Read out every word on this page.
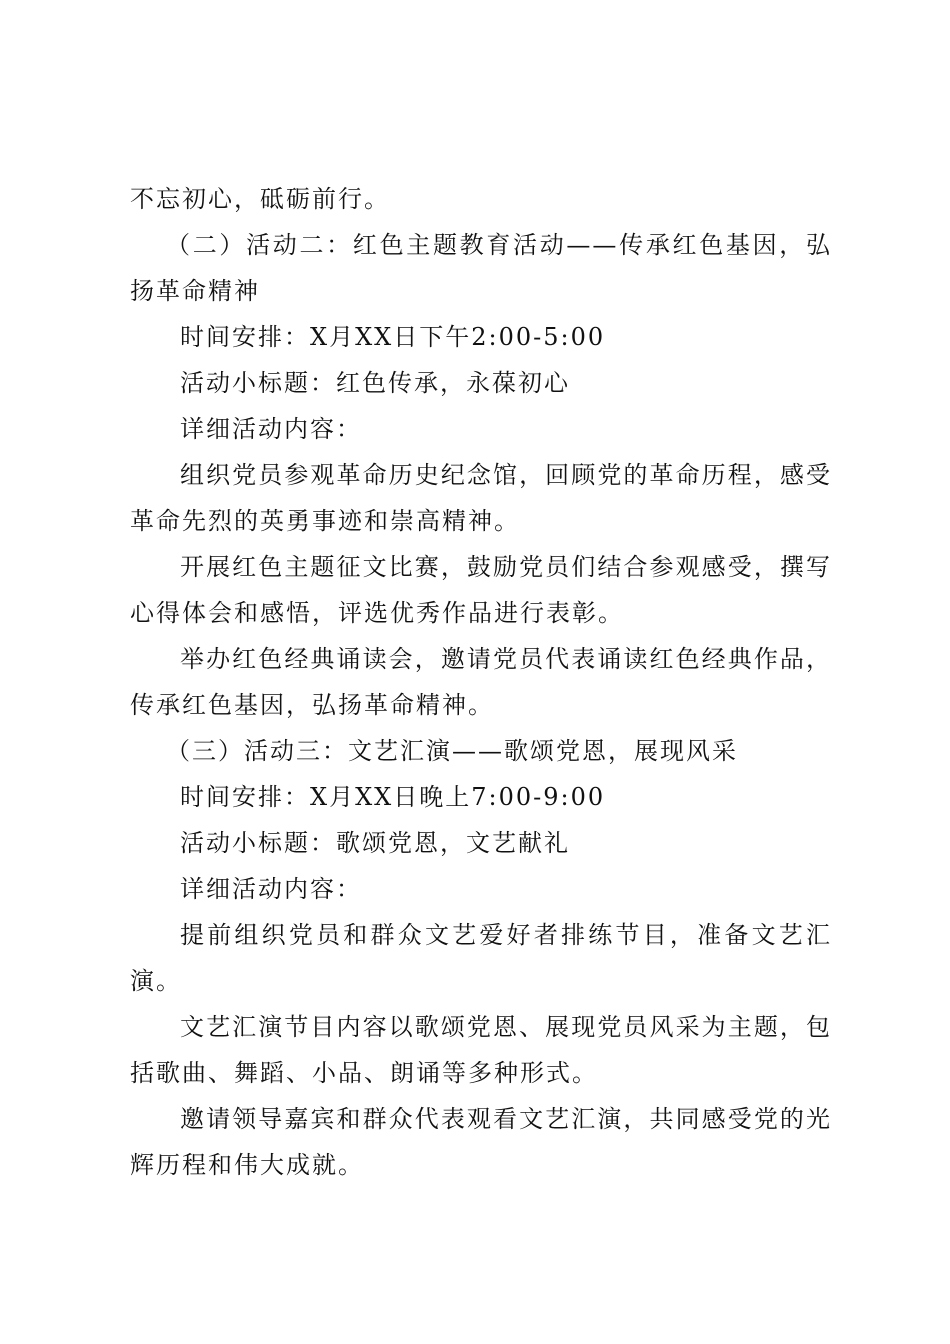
不忘初心，砥砺前行。

（二）活动二：红色主题教育活动——传承红色基因，弘扬革命精神

时间安排：X月XX日下午2:00-5:00

活动小标题：红色传承，永葆初心

详细活动内容：

组织党员参观革命历史纪念馆，回顾党的革命历程，感受革命先烈的英勇事迹和崇高精神。

开展红色主题征文比赛，鼓励党员们结合参观感受，撰写心得体会和感悟，评选优秀作品进行表彰。

举办红色经典诵读会，邀请党员代表诵读红色经典作品，传承红色基因，弘扬革命精神。

（三）活动三：文艺汇演——歌颂党恩，展现风采

时间安排：X月XX日晚上7:00-9:00

活动小标题：歌颂党恩，文艺献礼

详细活动内容：

提前组织党员和群众文艺爱好者排练节目，准备文艺汇演。

文艺汇演节目内容以歌颂党恩、展现党员风采为主题，包括歌曲、舞蹈、小品、朗诵等多种形式。

邀请领导嘉宾和群众代表观看文艺汇演，共同感受党的光辉历程和伟大成就。
